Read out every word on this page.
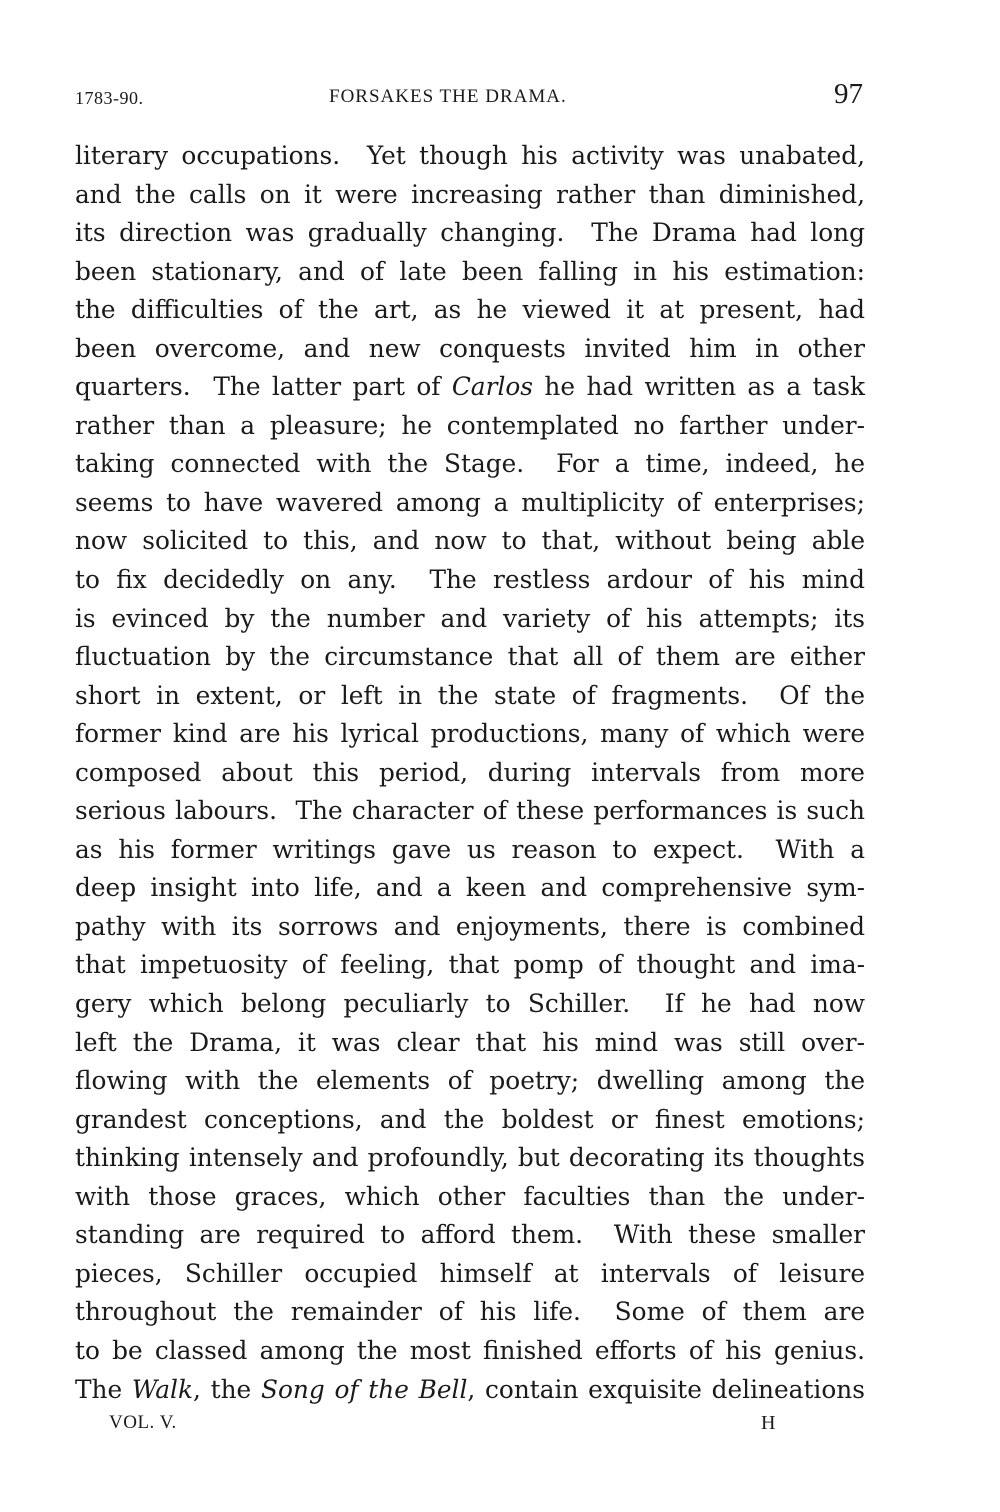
1783-90.	FORSAKES THE DRAMA.	97
literary occupations.  Yet though his activity was unabated,
and the calls on it were increasing rather than diminished,
its direction was gradually changing.  The Drama had long
been stationary, and of late been falling in his estimation:
the difficulties of the art, as he viewed it at present, had
been overcome, and new conquests invited him in other
quarters.  The latter part of Carlos he had written as a task
rather than a pleasure; he contemplated no farther under-
taking connected with the Stage.  For a time, indeed, he
seems to have wavered among a multiplicity of enterprises;
now solicited to this, and now to that, without being able
to fix decidedly on any.  The restless ardour of his mind
is evinced by the number and variety of his attempts; its
fluctuation by the circumstance that all of them are either
short in extent, or left in the state of fragments.  Of the
former kind are his lyrical productions, many of which were
composed about this period, during intervals from more
serious labours.  The character of these performances is such
as his former writings gave us reason to expect.  With a
deep insight into life, and a keen and comprehensive sym-
pathy with its sorrows and enjoyments, there is combined
that impetuosity of feeling, that pomp of thought and ima-
gery which belong peculiarly to Schiller.  If he had now
left the Drama, it was clear that his mind was still over-
flowing with the elements of poetry; dwelling among the
grandest conceptions, and the boldest or finest emotions;
thinking intensely and profoundly, but decorating its thoughts
with those graces, which other faculties than the under-
standing are required to afford them.  With these smaller
pieces, Schiller occupied himself at intervals of leisure
throughout the remainder of his life.  Some of them are
to be classed among the most finished efforts of his genius.
The Walk, the Song of the Bell, contain exquisite delineations
VOL. V.	H
